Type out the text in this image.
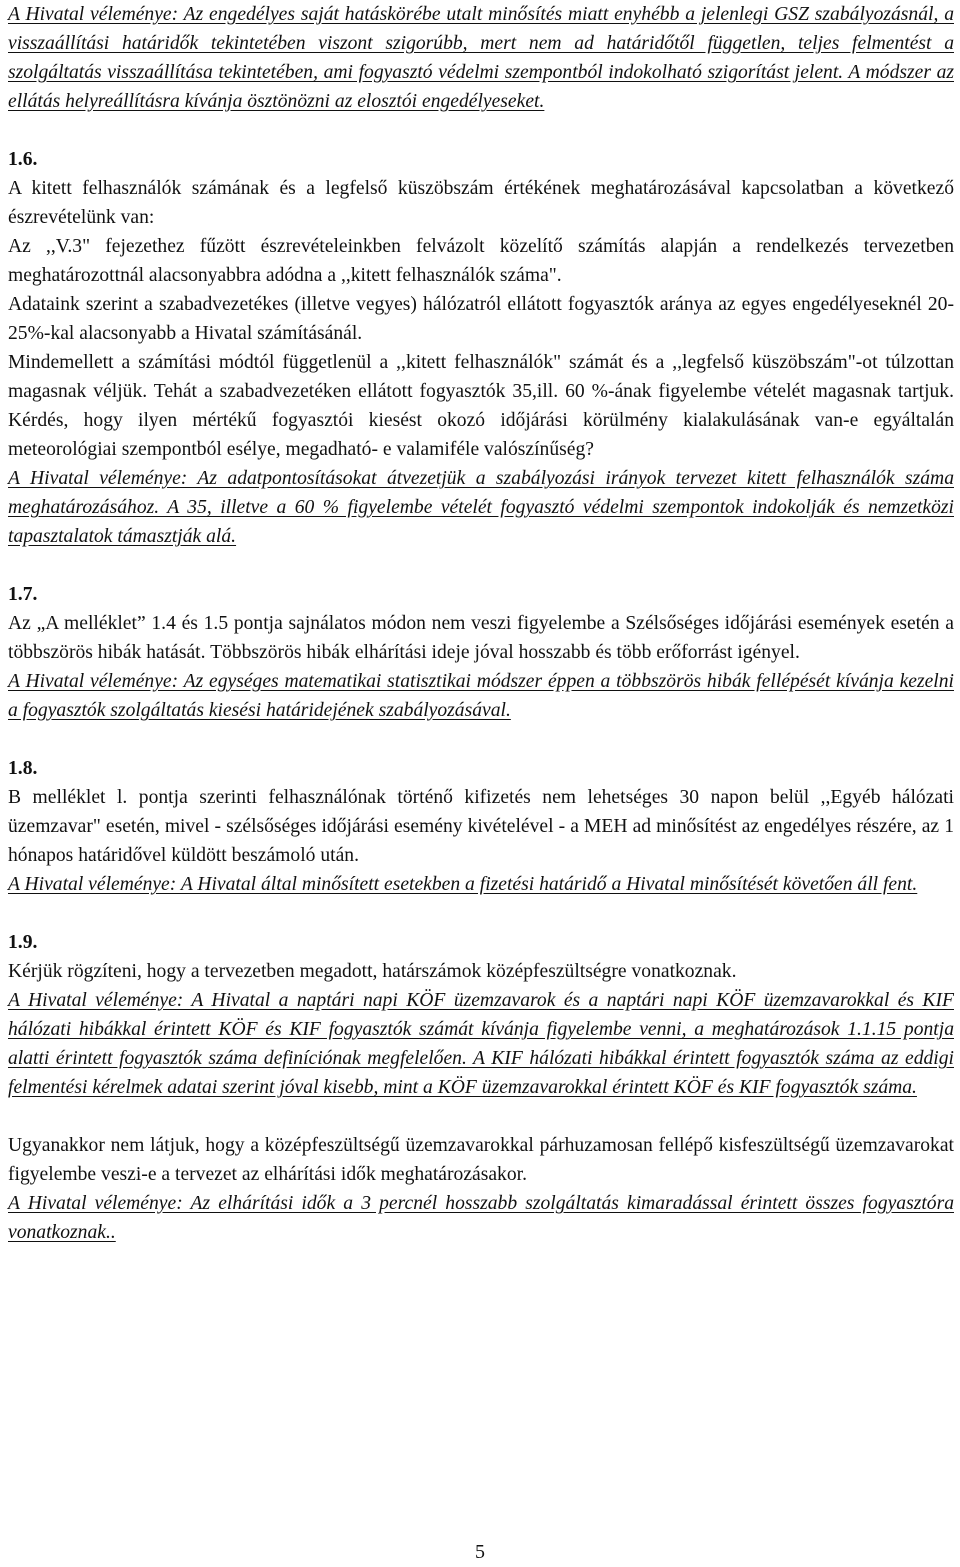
A Hivatal véleménye: Az engedélyes saját hatáskörébe utalt minősítés miatt enyhébb a jelenlegi GSZ szabályozásnál, a visszaállítási határidők tekintetében viszont szigorúbb, mert nem ad határidőtől független, teljes felmentést a szolgáltatás visszaállítása tekintetében, ami fogyasztó védelmi szempontból indokolható szigorítást jelent. A módszer az ellátás helyreállításra kívánja ösztönözni az elosztói engedélyeseket.

1.6.

A kitett felhasználók számának és a legfelső küszöbszám értékének meghatározásával kapcsolatban a következő észrevételünk van:

Az ,,V.3" fejezethez fűzött észrevételeinkben felvázolt közelítő számítás alapján a rendelkezés tervezetben meghatározottnál alacsonyabbra adódna a ,,kitett felhasználók száma".

Adataink szerint a szabadvezetékes (illetve vegyes) hálózatról ellátott fogyasztók aránya az egyes engedélyeseknél 20-25%-kal alacsonyabb a Hivatal számításánál.

Mindemellett a számítási módtól függetlenül a ,,kitett felhasználók" számát és a ,,legfelső küszöbszám"-ot túlzottan magasnak véljük. Tehát a szabadvezetéken ellátott fogyasztók 35,ill. 60 %-ának figyelembe vételét magasnak tartjuk. Kérdés, hogy ilyen mértékű fogyasztói kiesést okozó időjárási körülmény kialakulásának van-e egyáltalán meteorológiai szempontból esélye, megadható- e valamiféle valószínűség?

A Hivatal véleménye: Az adatpontosításokat átvezetjük a szabályozási irányok tervezet kitett felhasználók száma meghatározásához. A 35, illetve a 60 % figyelembe vételét fogyasztó védelmi szempontok indokolják és nemzetközi tapasztalatok támasztják alá.

1.7.

Az „A melléklet” 1.4 és 1.5 pontja sajnálatos módon nem veszi figyelembe a Szélsőséges időjárási események esetén a többszörös hibák hatását. Többszörös hibák elhárítási ideje jóval hosszabb és több erőforrást igényel.

A Hivatal véleménye: Az egységes matematikai statisztikai módszer éppen a többszörös hibák fellépését kívánja kezelni a fogyasztók szolgáltatás kiesési határidejének szabályozásával.

1.8.

B melléklet l. pontja szerinti felhasználónak történő kifizetés nem lehetséges 30 napon belül ,,Egyéb hálózati üzemzavar" esetén, mivel - szélsőséges időjárási esemény kivételével - a MEH ad minősítést az engedélyes részére, az 1 hónapos határidővel küldött beszámoló után.

A Hivatal véleménye: A Hivatal által minősített esetekben a fizetési határidő a Hivatal minősítését követően áll fent.

1.9.

Kérjük rögzíteni, hogy a tervezetben megadott, határszámok középfeszültségre vonatkoznak.

A Hivatal véleménye: A Hivatal a naptári napi KÖF üzemzavarok és a naptári napi KÖF üzemzavarokkal és KIF hálózati hibákkal érintett KÖF és KIF fogyasztók számát kívánja figyelembe venni, a meghatározások 1.1.15 pontja alatti érintett fogyasztók száma definíciónak megfelelően. A KIF hálózati hibákkal érintett fogyasztók száma az eddigi felmentési kérelmek adatai szerint jóval kisebb, mint a KÖF üzemzavarokkal érintett KÖF és KIF fogyasztók száma.

Ugyanakkor nem látjuk, hogy a középfeszültségű üzemzavarokkal párhuzamosan fellépő kisfeszültségű üzemzavarokat figyelembe veszi-e a tervezet az elhárítási idők meghatározásakor.

A Hivatal véleménye: Az elhárítási idők a 3 percnél hosszabb szolgáltatás kimaradással érintett összes fogyasztóra vonatkoznak..

5
